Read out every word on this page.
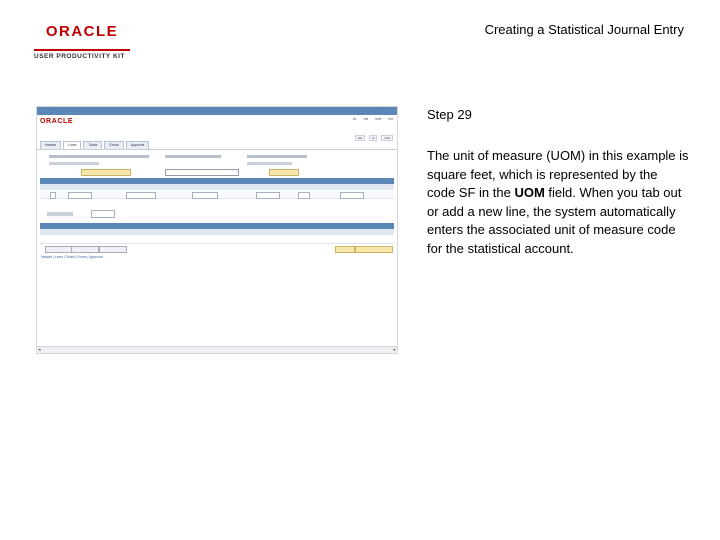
ORACLE
USER PRODUCTIVITY KIT
Creating a Statistical Journal Entry
ORACLE	▪▪▪ ▪▪▪▪ ▪▪▪▪▪ ▪▪▪▪
▪▪▪▪	▪▪	▪▪▪▪▪
Header	Lines	Totals	Errors	Approval
Header | Lines | Totals | Errors | Approval
◂	▸
Step 29
The unit of measure (UOM) in this example is square feet, which is represented by the code SF in the UOM field. When you tab out or add a new line, the system automatically enters the associated unit of measure code for the statistical account.
